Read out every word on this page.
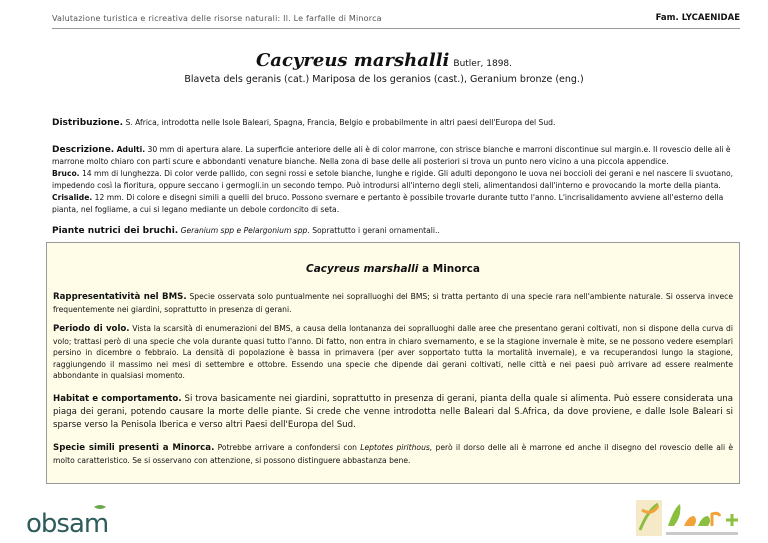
Valutazione turistica e ricreativa delle risorse naturali: Il. Le farfalle di Minorca	Fam. LYCAENIDAE
Cacyreus marshalli Butler, 1898.
Blaveta dels geranis (cat.) Mariposa de los geranios (cast.), Geranium bronze (eng.)
Distribuzione. S. Africa, introdotta nelle Isole Baleari, Spagna, Francia, Belgio e probabilmente in altri paesi dell'Europa del Sud.
Descrizione. Adulti. 30 mm di apertura alare. La superficie anteriore delle ali è di color marrone, con strisce bianche e marroni discontinue sul margin.e. Il rovescio delle ali è marrone molto chiaro con parti scure e abbondanti venature bianche. Nella zona di base delle ali posteriori si trova un punto nero vicino a una piccola appendice.
Bruco. 14 mm di lunghezza. Di color verde pallido, con segni rossi e setole bianche, lunghe e rigide. Gli adulti depongono le uova nei boccioli dei gerani e nel nascere li svuotano, impedendo così la fioritura, oppure seccano i germogli.in un secondo tempo. Può introdursi all'interno degli steli, alimentandosi dall'interno e provocando la morte della pianta.
Crisalide. 12 mm. Di colore e disegni simili a quelli del bruco. Possono svernare e pertanto è possibile trovarle durante tutto l'anno. L'incrisalidamento avviene all'esterno della pianta, nel fogliame, a cui si legano mediante un debole cordoncito di seta.
Piante nutrici dei bruchi. Geranium spp e Pelargonium spp. Soprattutto i gerani ornamentali..
Cacyreus marshalli a Minorca
Rappresentatività nel BMS. Specie osservata solo puntualmente nei sopralluoghi del BMS; si tratta pertanto di una specie rara nell'ambiente naturale. Si osserva invece frequentemente nei giardini, soprattutto in presenza di gerani.
Periodo di volo. Vista la scarsità di enumerazioni del BMS, a causa della lontananza dei sopralluoghi dalle aree che presentano gerani coltivati, non si dispone della curva di volo; trattasi però di una specie che vola durante quasi tutto l'anno. Di fatto, non entra in chiaro svernamento, e se la stagione invernale è mite, se ne possono vedere esemplari persino in dicembre o febbraio. La densità di popolazione è bassa in primavera (per aver sopportato tutta la mortalità invernale), e va recuperandosi lungo la stagione, raggiungendo il massimo nei mesi di settembre e ottobre. Essendo una specie che dipende dai gerani coltivati, nelle città e nei paesi può arrivare ad essere realmente abbondante in qualsiasi momento.
Habitat e comportamento. Si trova basicamente nei giardini, soprattutto in presenza di gerani, pianta della quale si alimenta. Può essere considerata una piaga dei gerani, potendo causare la morte delle piante. Si crede che venne introdotta nelle Baleari dal S.Africa, da dove proviene, e dalle Isole Baleari si sparse verso la Penisola Iberica e verso altri Paesi dell'Europa del Sud.
Specie simili presenti a Minorca. Potrebbe arrivare a confondersi con Leptotes pirithous, però il dorso delle ali è marrone ed anche il disegno del rovescio delle ali è molto caratteristico. Se si osservano con attenzione, si possono distinguere abbastanza bene.
obsam
